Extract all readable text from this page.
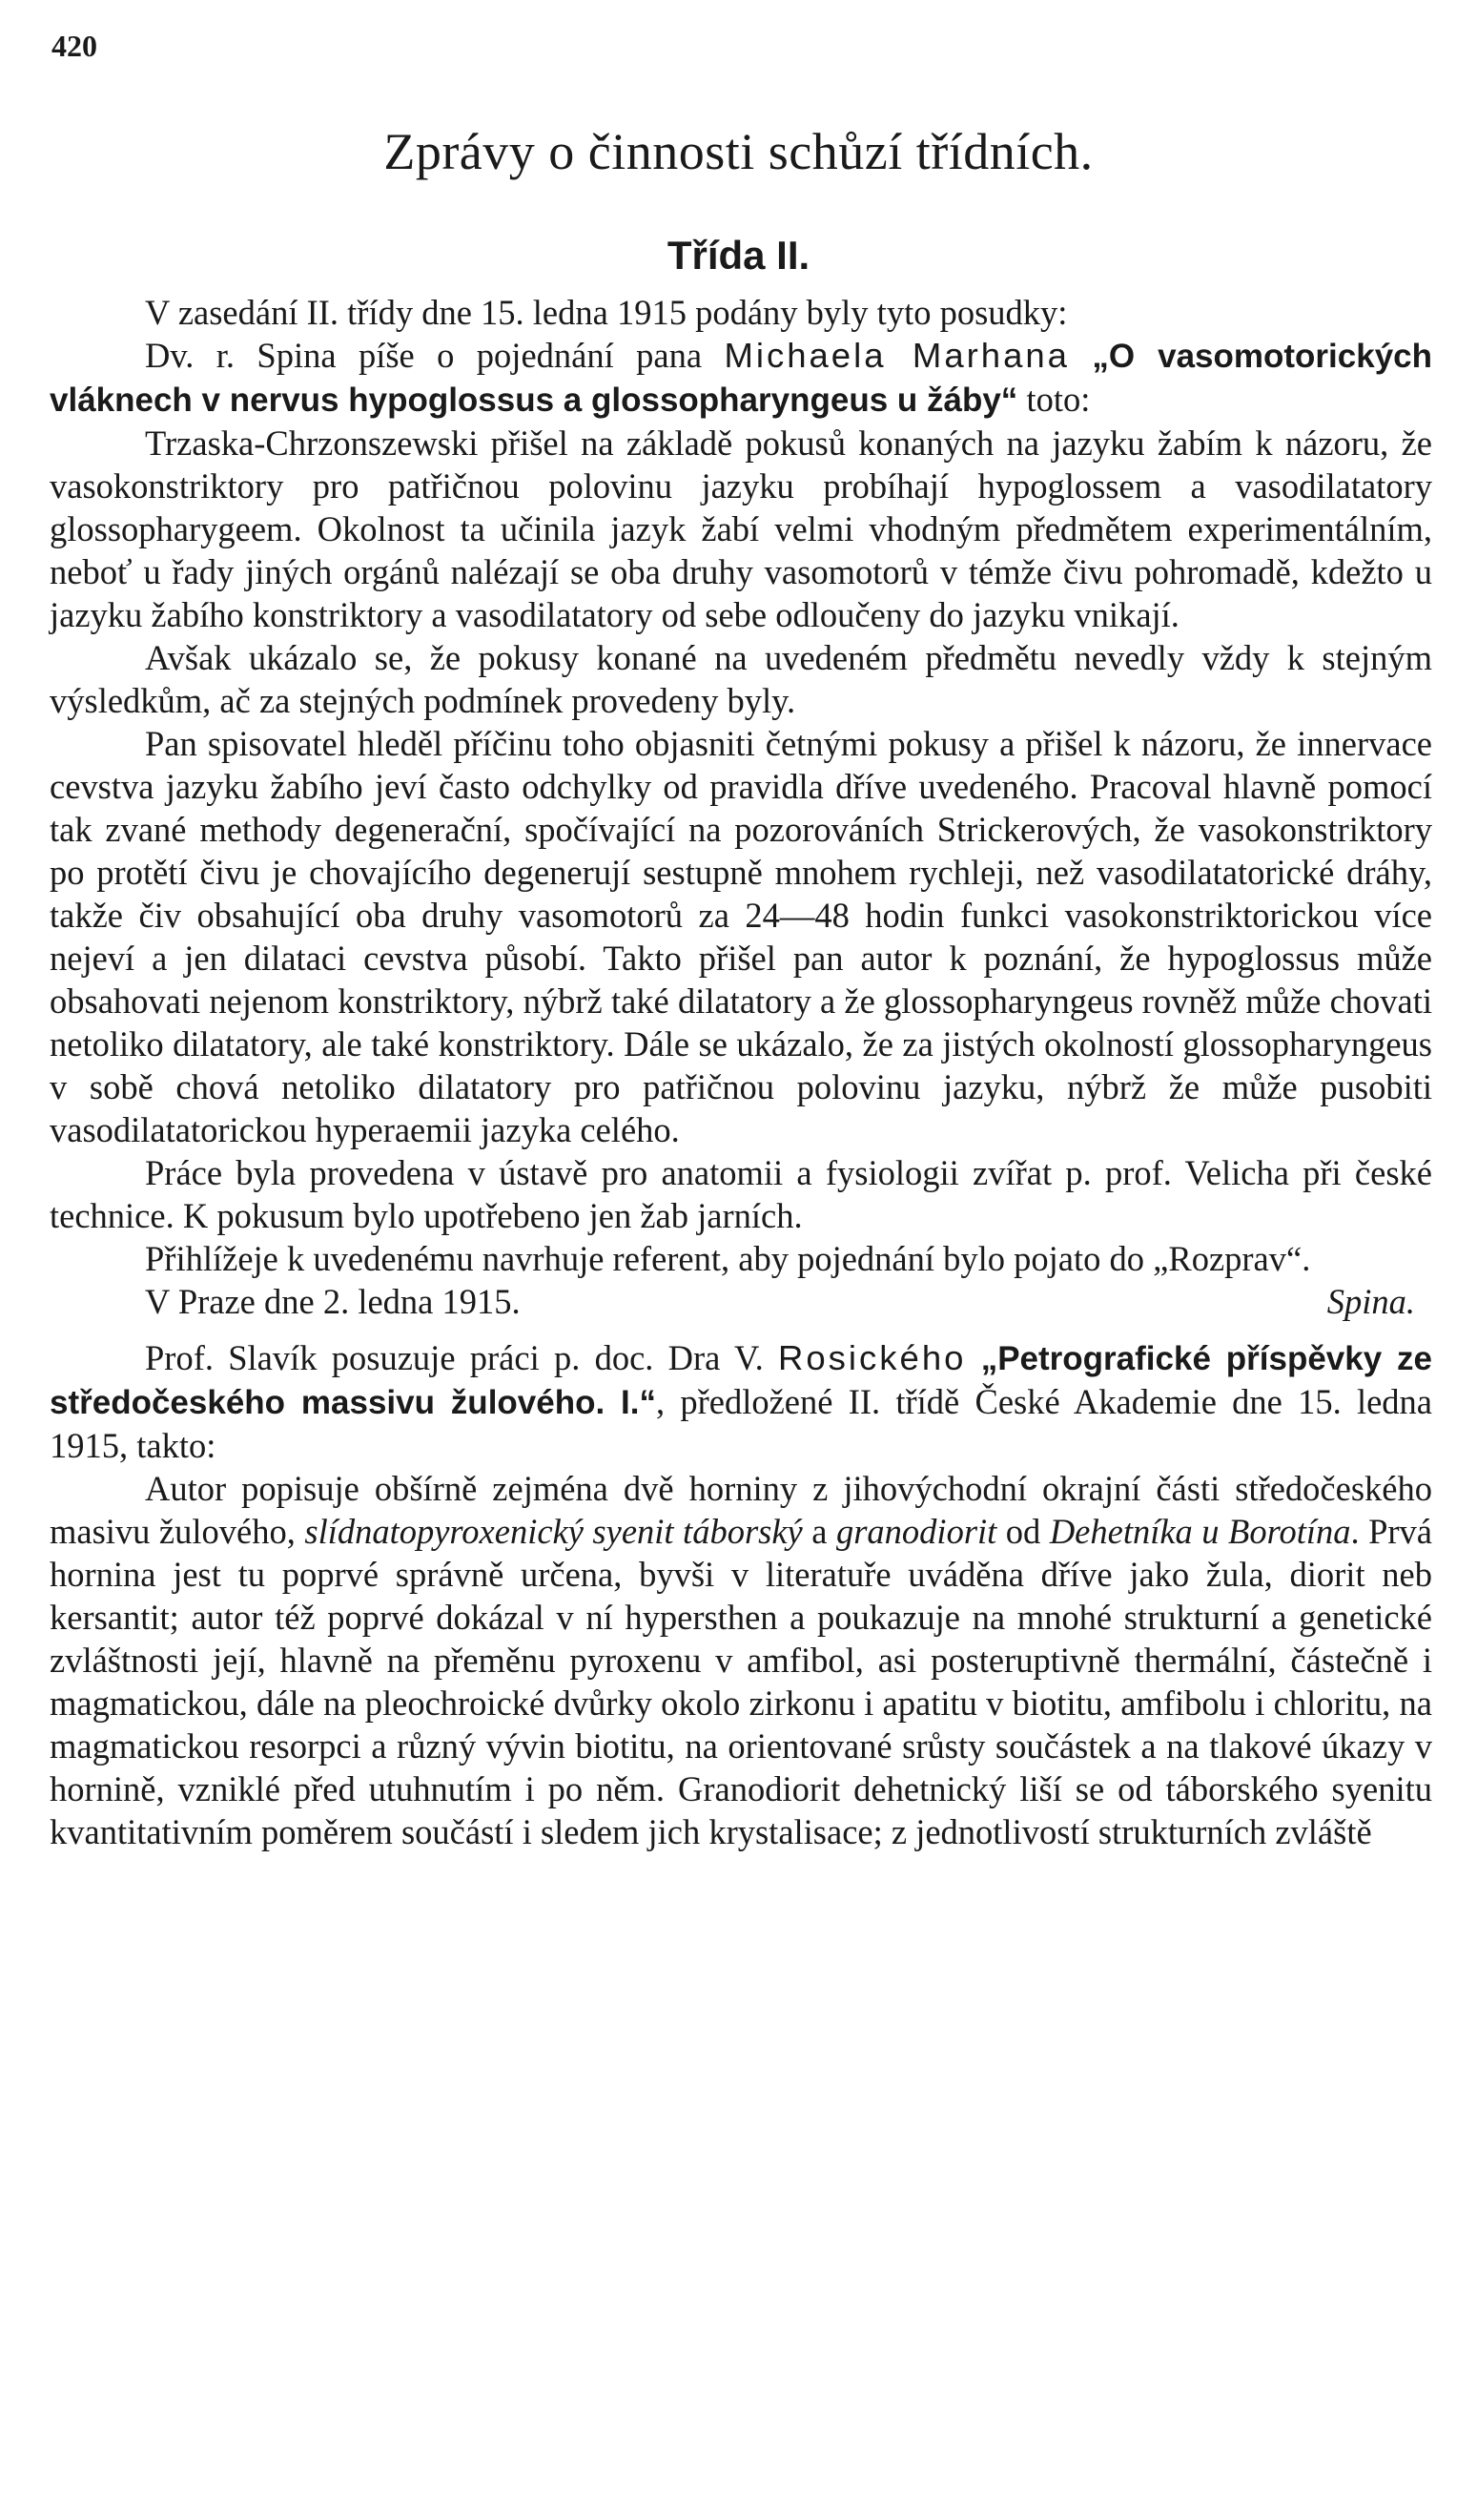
420
Zprávy o činnosti schůzí třídních.
Třída II.

V zasedání II. třídy dne 15. ledna 1915 podány byly tyto posudky:

Dv. r. Spina píše o pojednání pana Michaela Marhana „O vasomotorických vláknech v nervus hypoglossus a glossopharyngeus u žáby“ toto:

Trzaska-Chrzonszewski přišel na základě pokusů konaných na jazyku žabím k názoru, že vasokonstriktory pro patřičnou polovinu jazyku probíhají hypoglossem a vasodilatatory glossopharygeem. Okolnost ta učinila jazyk žabí velmi vhodným předmětem experimentálním, neboť u řady jiných orgánů nalézají se oba druhy vasomotorů v témže čivu pohromadě, kdežto u jazyku žabího konstriktory a vasodilatatory od sebe odloučeny do jazyku vnikají.

Avšak ukázalo se, že pokusy konané na uvedeném předmětu nevedly vždy k stejným výsledkům, ač za stejných podmínek provedeny byly.

Pan spisovatel hleděl příčinu toho objasniti četnými pokusy a přišel k názoru, že innervace cevstva jazyku žabího jeví často odchylky od pravidla dříve uvedeného. Pracoval hlavně pomocí tak zvané methody degenerační, spočívající na pozorováních Strickerových, že vasokonstriktory po protětí čivu je chovajícího degenerují sestupně mnohem rychleji, než vasodilatatorické dráhy, takže čiv obsahující oba druhy vasomotorů za 24—48 hodin funkci vasokonstriktorickou více nejeví a jen dilataci cevstva působí. Takto přišel pan autor k poznání, že hypoglossus může obsahovati nejenom konstriktory, nýbrž také dilatatory a že glossopharyngeus rovněž může chovati netoliko dilatatory, ale také konstriktory. Dále se ukázalo, že za jistých okolností glossopharyngeus v sobě chová netoliko dilatatory pro patřičnou polovinu jazyku, nýbrž že může pusobiti vasodilatatorickou hyperaemii jazyka celého.

Práce byla provedena v ústavě pro anatomii a fysiologii zvířat p. prof. Velicha při české technice. K pokusum bylo upotřebeno jen žab jarních.

Přihlížeje k uvedenému navrhuje referent, aby pojednání bylo pojato do „Rozprav“.

V Praze dne 2. ledna 1915.	Spina.

Prof. Slavík posuzuje práci p. doc. Dra V. Rosického „Petrografické příspěvky ze středočeského massivu žulového. I.“, předložené II. třídě České Akademie dne 15. ledna 1915, takto:

Autor popisuje obšírně zejména dvě horniny z jihovýchodní okrajní části středočeského masivu žulového, slídnatopyroxenický syenit táborský a granodiorit od Dehetníka u Borotína. Prvá hornina jest tu poprvé správně určena, byvši v literatuře uváděna dříve jako žula, diorit neb kersantit; autor též poprvé dokázal v ní hypersthen a poukazuje na mnohé strukturní a genetické zvláštnosti její, hlavně na přeměnu pyroxenu v amfibol, asi posteruptivně thermální, částečně i magmatickou, dále na pleochroické dvůrky okolo zirkonu i apatitu v biotitu, amfibolu i chloritu, na magmatickou resorpci a různý vývin biotitu, na orientované srůsty součástek a na tlakové úkazy v hornině, vzniklé před utuhnutím i po něm. Granodiorit dehetnický liší se od táborského syenitu kvantitativním poměrem součástí i sledem jich krystalisace; z jednotlivostí strukturních zvláště
